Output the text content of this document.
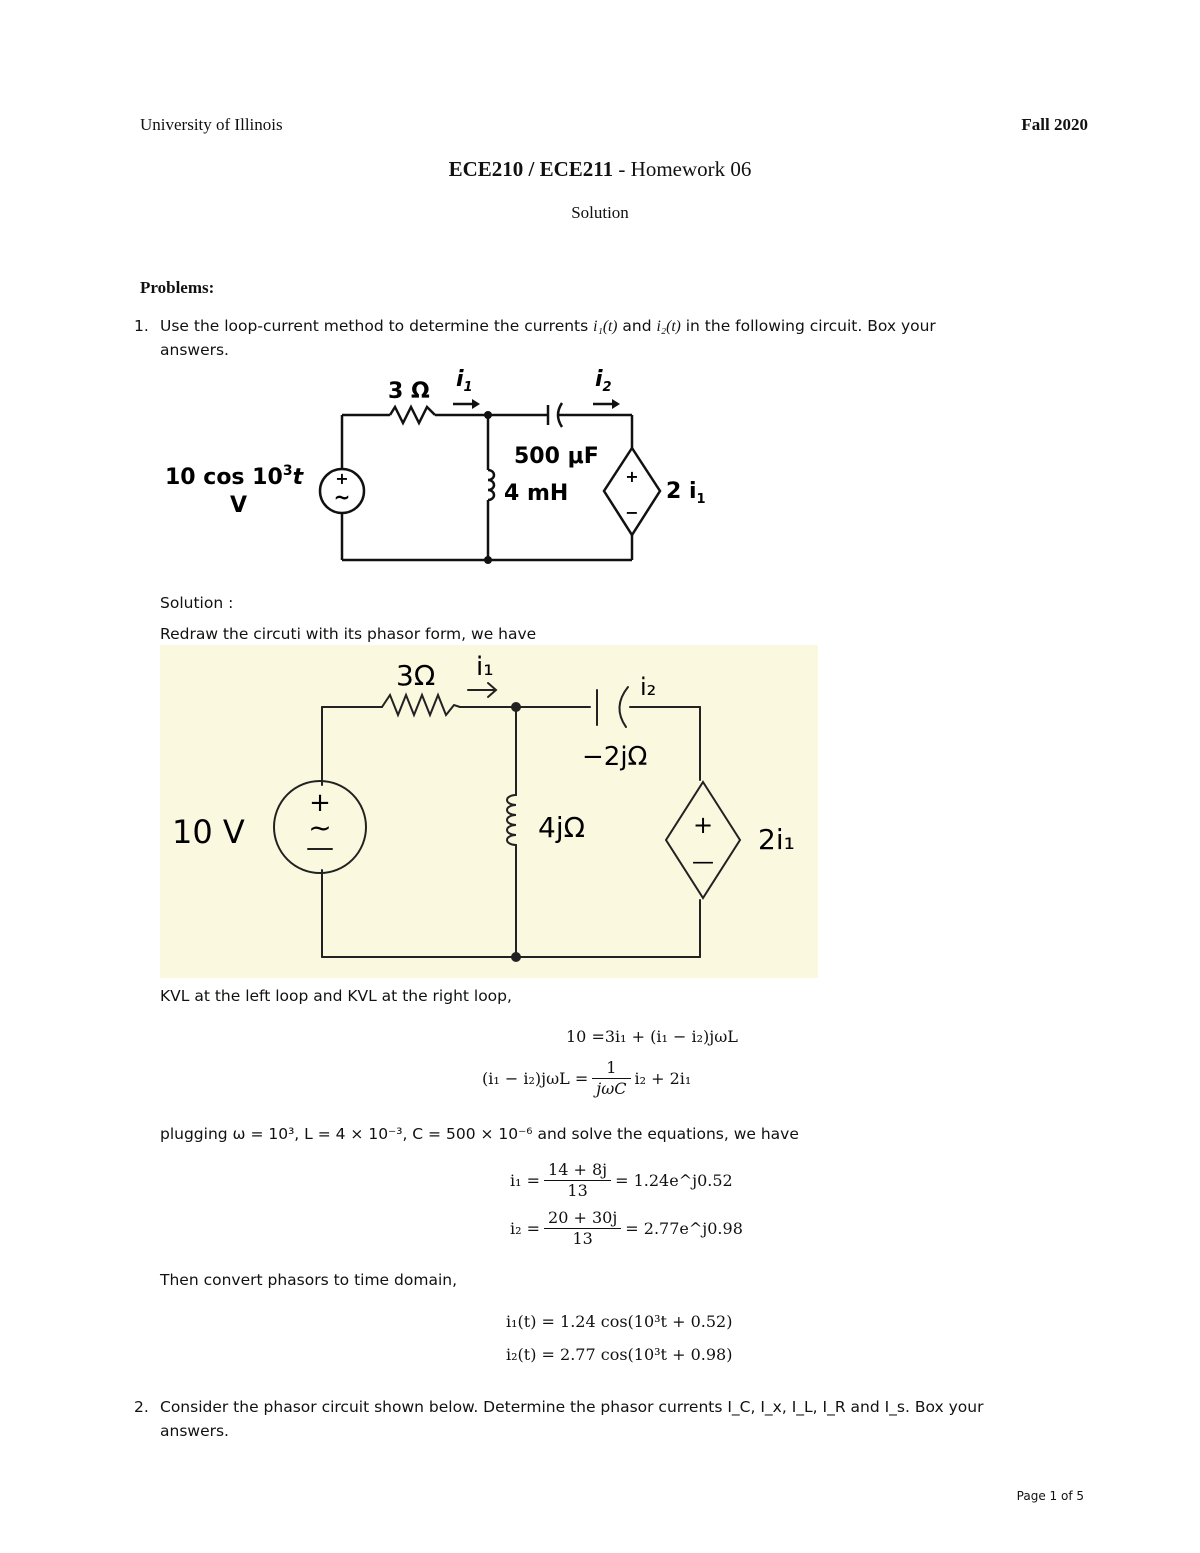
University of Illinois	Fall 2020
ECE210 / ECE211 - Homework 06
Solution
Problems:
1. Use the loop-current method to determine the currents i₁(t) and i₂(t) in the following circuit. Box your
answers.
+
~
+
−
10 $\cos 10^3t$
V
3 Ω $i_1$	$i_2$
500 μF
4 mH	2 $i_1$
Solution :
Redraw the circuti with its phasor form, we have
+
~	+
—
10 V
3Ω i₁
i₂
−2jΩ
4jΩ	2i₁
KVL at the left loop and KVL at the right loop,
10 =3i₁ + (i₁ − i₂)jωL
$(i_1 - i_2)j\omega L = \frac{1}{\text{jωC}} i_2 + 2i_1$
plugging ω = 10³, L = 4 × 10⁻³, C = 500 × 10⁻⁶ and solve the equations, we have
$i_1 = \frac{14 + 8j}{13}$ = 1.24e^j0.52
$i_2 = \frac{20 + 30j}{13}$ = 2.77e^j0.98
Then convert phasors to time domain,
i₁(t) = 1.24 cos(10³t + 0.52)
i₂(t) = 2.77 cos(10³t + 0.98)
2. Consider the phasor circuit shown below. Determine the phasor currents I_C, I_x, I_L, I_R and I_s. Box your
answers.
Page 1 of 5
